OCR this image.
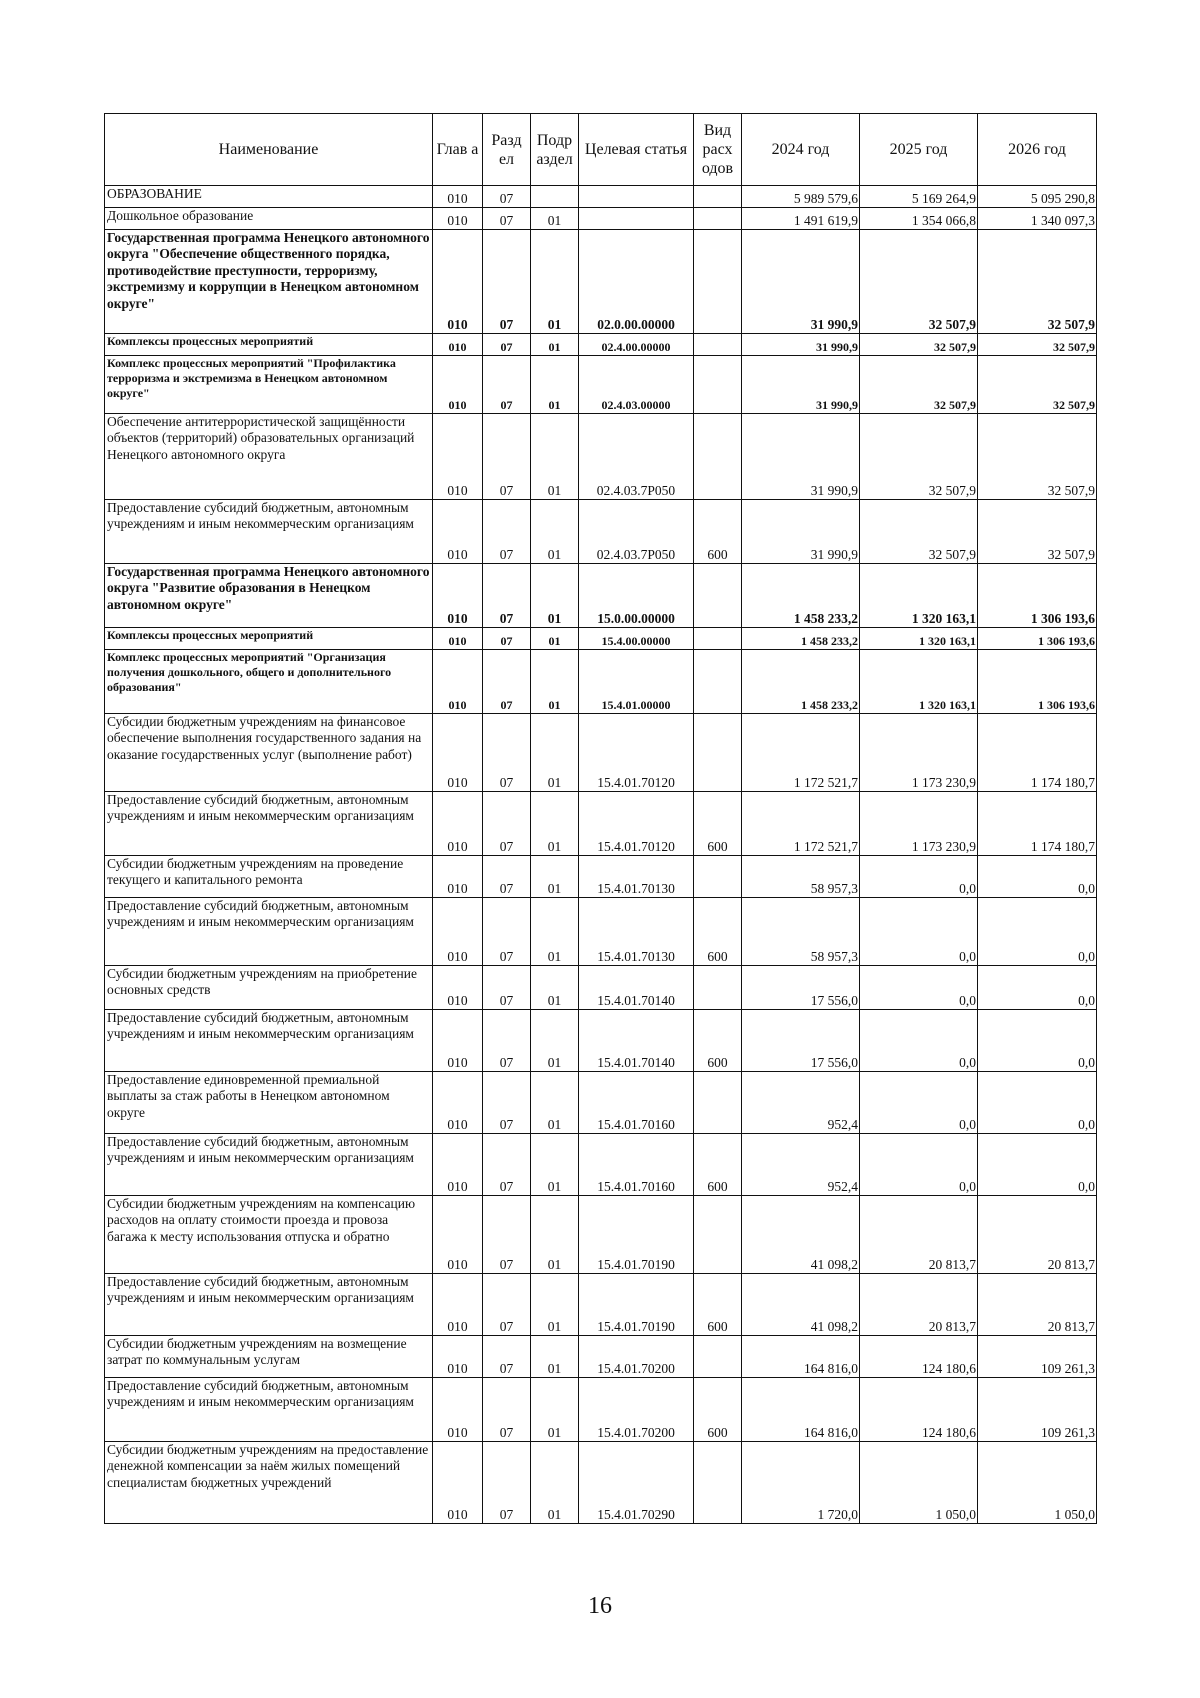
Наименование	Глав а	Разд ел	Подр аздел	Целевая статья	Вид расх одов	2024 год	2025 год	2026 год
ОБРАЗОВАНИЕ	010	07				5 989 579,6	5 169 264,9	5 095 290,8
Дошкольное образование	010	07	01			1 491 619,9	1 354 066,8	1 340 097,3
Государственная программа Ненецкого автономного округа "Обеспечение общественного порядка, противодействие преступности, терроризму, экстремизму и коррупции в Ненецком автономном округе"	010	07	01	02.0.00.00000		31 990,9	32 507,9	32 507,9
Комплексы процессных мероприятий	010	07	01	02.4.00.00000		31 990,9	32 507,9	32 507,9
Комплекс процессных мероприятий "Профилактика терроризма и экстремизма в Ненецком автономном округе"	010	07	01	02.4.03.00000		31 990,9	32 507,9	32 507,9
Обеспечение антитеррористической защищённости объектов (территорий) образовательных организаций Ненецкого автономного округа	010	07	01	02.4.03.7Р050		31 990,9	32 507,9	32 507,9
Предоставление субсидий бюджетным, автономным учреждениям и иным некоммерческим организациям	010	07	01	02.4.03.7Р050	600	31 990,9	32 507,9	32 507,9
Государственная программа Ненецкого автономного округа "Развитие образования в Ненецком автономном округе"	010	07	01	15.0.00.00000		1 458 233,2	1 320 163,1	1 306 193,6
Комплексы процессных мероприятий	010	07	01	15.4.00.00000		1 458 233,2	1 320 163,1	1 306 193,6
Комплекс процессных мероприятий "Организация получения дошкольного, общего и дополнительного образования"	010	07	01	15.4.01.00000		1 458 233,2	1 320 163,1	1 306 193,6
Субсидии бюджетным учреждениям на финансовое обеспечение выполнения государственного задания на оказание государственных услуг (выполнение работ)	010	07	01	15.4.01.70120		1 172 521,7	1 173 230,9	1 174 180,7
Предоставление субсидий бюджетным, автономным учреждениям и иным некоммерческим организациям	010	07	01	15.4.01.70120	600	1 172 521,7	1 173 230,9	1 174 180,7
Субсидии бюджетным учреждениям на проведение текущего и капитального ремонта	010	07	01	15.4.01.70130		58 957,3	0,0	0,0
Предоставление субсидий бюджетным, автономным учреждениям и иным некоммерческим организациям	010	07	01	15.4.01.70130	600	58 957,3	0,0	0,0
Субсидии бюджетным учреждениям на приобретение основных средств	010	07	01	15.4.01.70140		17 556,0	0,0	0,0
Предоставление субсидий бюджетным, автономным учреждениям и иным некоммерческим организациям	010	07	01	15.4.01.70140	600	17 556,0	0,0	0,0
Предоставление единовременной премиальной выплаты за стаж работы в Ненецком автономном округе	010	07	01	15.4.01.70160		952,4	0,0	0,0
Предоставление субсидий бюджетным, автономным учреждениям и иным некоммерческим организациям	010	07	01	15.4.01.70160	600	952,4	0,0	0,0
Субсидии бюджетным учреждениям на компенсацию расходов на оплату стоимости проезда и провоза багажа к месту использования отпуска и обратно	010	07	01	15.4.01.70190		41 098,2	20 813,7	20 813,7
Предоставление субсидий бюджетным, автономным учреждениям и иным некоммерческим организациям	010	07	01	15.4.01.70190	600	41 098,2	20 813,7	20 813,7
Субсидии бюджетным учреждениям на возмещение затрат по коммунальным услугам	010	07	01	15.4.01.70200		164 816,0	124 180,6	109 261,3
Предоставление субсидий бюджетным, автономным учреждениям и иным некоммерческим организациям	010	07	01	15.4.01.70200	600	164 816,0	124 180,6	109 261,3
Субсидии бюджетным учреждениям на предоставление денежной компенсации за наём жилых помещений специалистам бюджетных учреждений	010	07	01	15.4.01.70290		1 720,0	1 050,0	1 050,0
16
